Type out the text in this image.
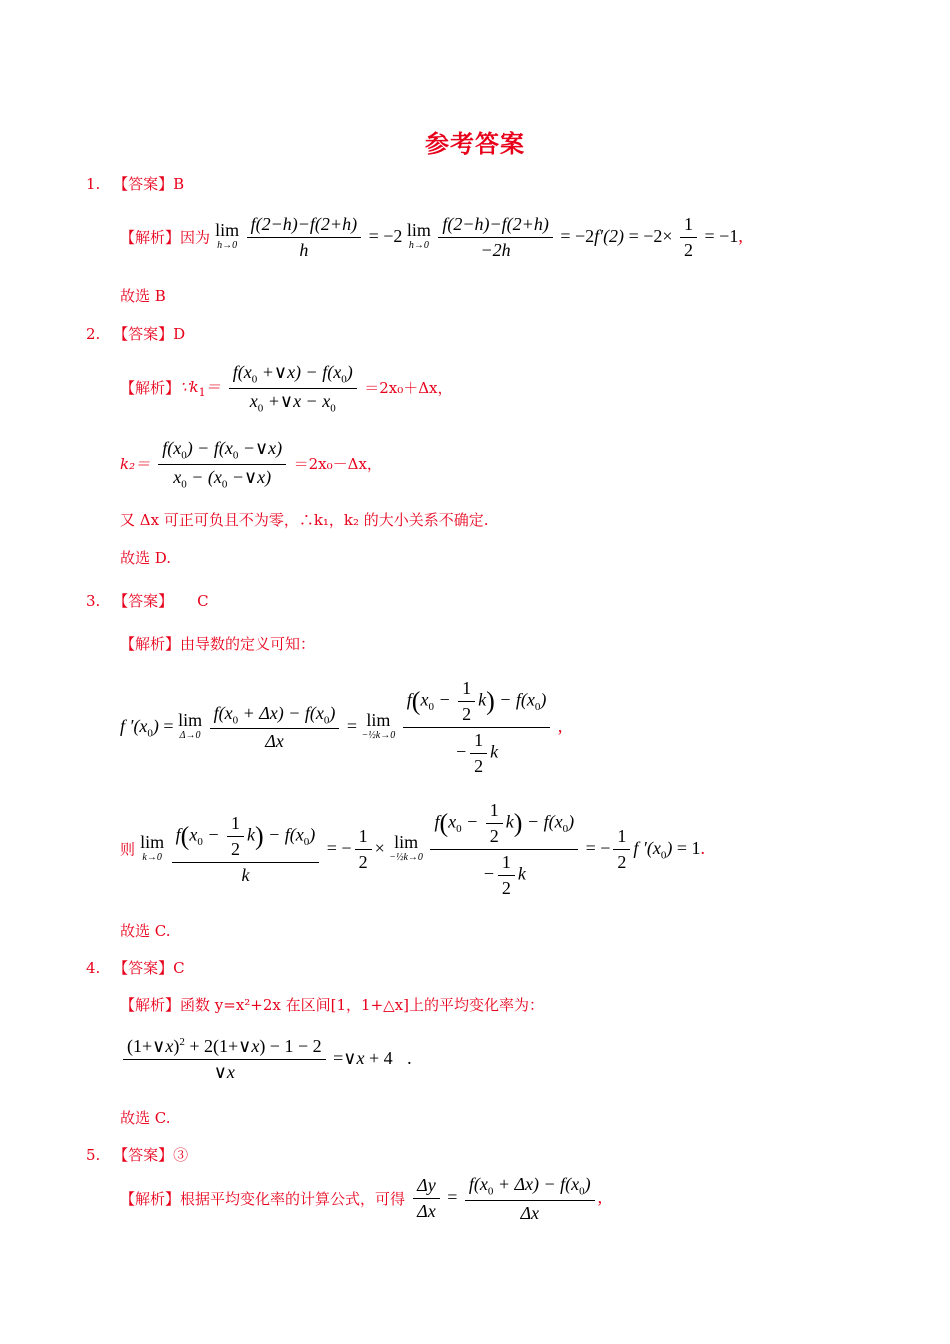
参考答案
1. 【答案】B
【解析】因为 lim
h→0
$\frac{f(2-h)-f(2+h)}{h} = -2$ lim
h→0
$\frac{f(2-h)-f(2+h)}{-2h} = -2f'(2) = -2\times \frac{1}{2} = -1$,
故选 B
2. 【答案】D
【解析】$\because k_1= \frac{f(x_0 +\vee x) - f(x_0)}{x_0 +\vee x - x_0} =2x_0+\Delta x$，
$k_2= \frac{f(x_0) - f(x_0 -\vee x)}{x_0 - (x_0 -\vee x)} =2x_0-\Delta x$，
又 Δx 可正可负且不为零，∴k₁，k₂ 的大小关系不确定.
故选 D.
3. 【答案】 C
【解析】由导数的定义可知：
f $'(x_0) = \lim$
Δ→0
$\frac{f(x_0 + \Delta x) - f(x_0)}{\Delta x} = \lim$
−½k→0
$\frac{f(x_0 - \frac{1}{2} k) - f(x_0)}{- \frac{1}{2} k}$ ,
则 lim
k→0
$\frac{f(x_0 - \frac{1}{2} k) - f(x_0)}{k}$ = − $\frac{1}{2} \times \lim$
−½k→0
$\frac{f(x_0 - \frac{1}{2} k) - f(x_0)}{- \frac{1}{2} k}$ = − $\frac{1}{2}$ f $'(x_0) = 1$.
故选 C.
4. 【答案】C
【解析】函数 y=x²+2x 在区间[1，1+△x]上的平均变化率为：
$\frac{(1+\vee x)^2 + 2(1+\vee x) - 1 - 2}{\vee x}$ =∨x + 4 .
故选 C.
5. 【答案】③
【解析】根据平均变化率的计算公式，可得 $\frac{\Delta y}{\Delta x} = \frac{f(x_0 + \Delta x) - f(x_0)}{\Delta x}$ ,
